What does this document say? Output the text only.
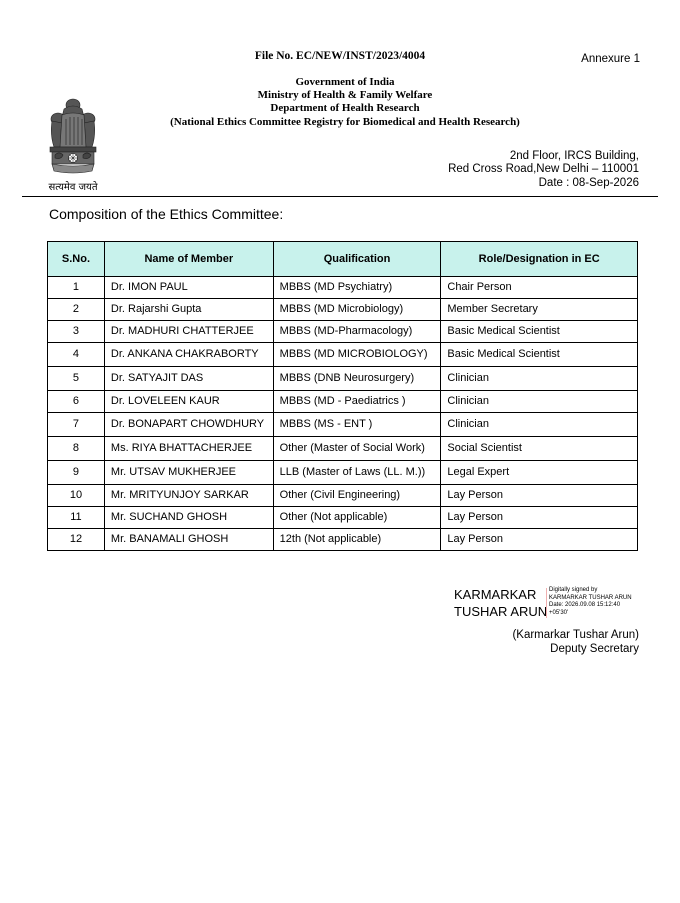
File No. EC/NEW/INST/2023/4004	Annexure 1
Government of India
Ministry of Health & Family Welfare
Department of Health Research
(National Ethics Committee Registry for Biomedical and Health Research)
सत्यमेव जयते
2nd Floor, IRCS Building,
Red Cross Road,New Delhi – 110001
Date : 08-Sep-2026
Composition of the Ethics Committee:
S.No.	Name of Member	Qualification	Role/Designation in EC
1	Dr. IMON PAUL	MBBS (MD Psychiatry)	Chair Person
2	Dr. Rajarshi Gupta	MBBS (MD Microbiology)	Member Secretary
3	Dr. MADHURI CHATTERJEE	MBBS (MD-Pharmacology)	Basic Medical Scientist
4	Dr. ANKANA CHAKRABORTY	MBBS (MD MICROBIOLOGY)	Basic Medical Scientist
5	Dr. SATYAJIT DAS	MBBS (DNB Neurosurgery)	Clinician
6	Dr. LOVELEEN KAUR	MBBS (MD - Paediatrics )	Clinician
7	Dr. BONAPART CHOWDHURY	MBBS (MS - ENT )	Clinician
8	Ms. RIYA BHATTACHERJEE	Other (Master of Social Work)	Social Scientist
9	Mr. UTSAV MUKHERJEE	LLB (Master of Laws (LL. M.))	Legal Expert
10	Mr. MRITYUNJOY SARKAR	Other (Civil Engineering)	Lay Person
11	Mr. SUCHAND GHOSH	Other (Not applicable)	Lay Person
12	Mr. BANAMALI GHOSH	12th (Not applicable)	Lay Person
KARMARKAR
TUSHAR ARUN
Digitally signed by
KARMARKAR TUSHAR ARUN
Date: 2026.09.08 15:12:40
+05'30'
(Karmarkar Tushar Arun)
Deputy Secretary
